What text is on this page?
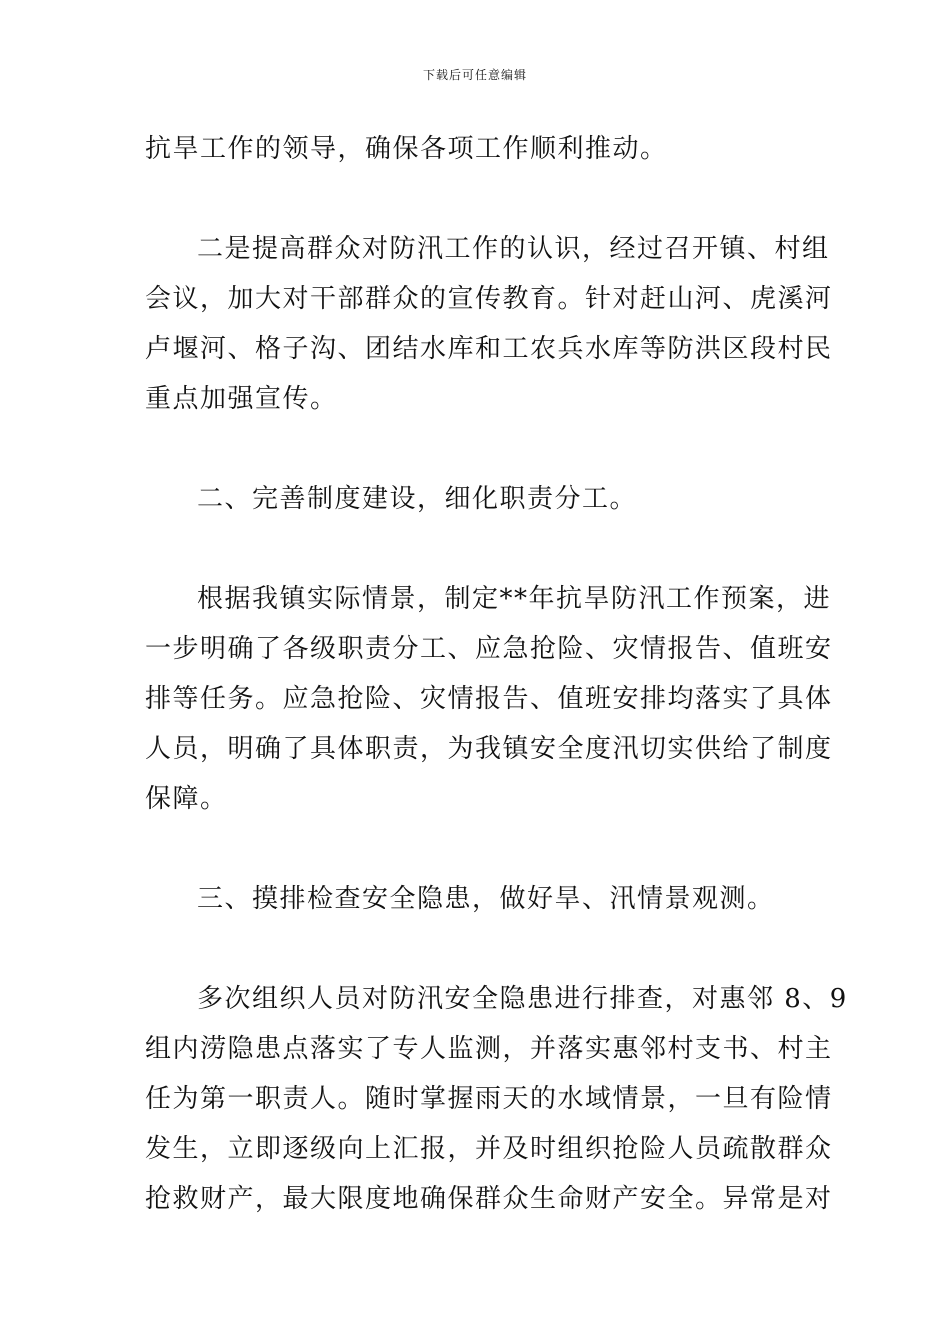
下载后可任意编辑
抗旱工作的领导，确保各项工作顺利推动。
二是提高群众对防汛工作的认识，经过召开镇、村组
会议，加大对干部群众的宣传教育。针对赶山河、虎溪河
卢堰河、格子沟、团结水库和工农兵水库等防洪区段村民
重点加强宣传。
二、完善制度建设，细化职责分工。
根据我镇实际情景，制定**年抗旱防汛工作预案，进
一步明确了各级职责分工、应急抢险、灾情报告、值班安
排等任务。应急抢险、灾情报告、值班安排均落实了具体
人员，明确了具体职责，为我镇安全度汛切实供给了制度
保障。
三、摸排检查安全隐患，做好旱、汛情景观测。
多次组织人员对防汛安全隐患进行排查，对惠邻 8、9
组内涝隐患点落实了专人监测，并落实惠邻村支书、村主
任为第一职责人。随时掌握雨天的水域情景，一旦有险情
发生，立即逐级向上汇报，并及时组织抢险人员疏散群众
抢救财产，最大限度地确保群众生命财产安全。异常是对
